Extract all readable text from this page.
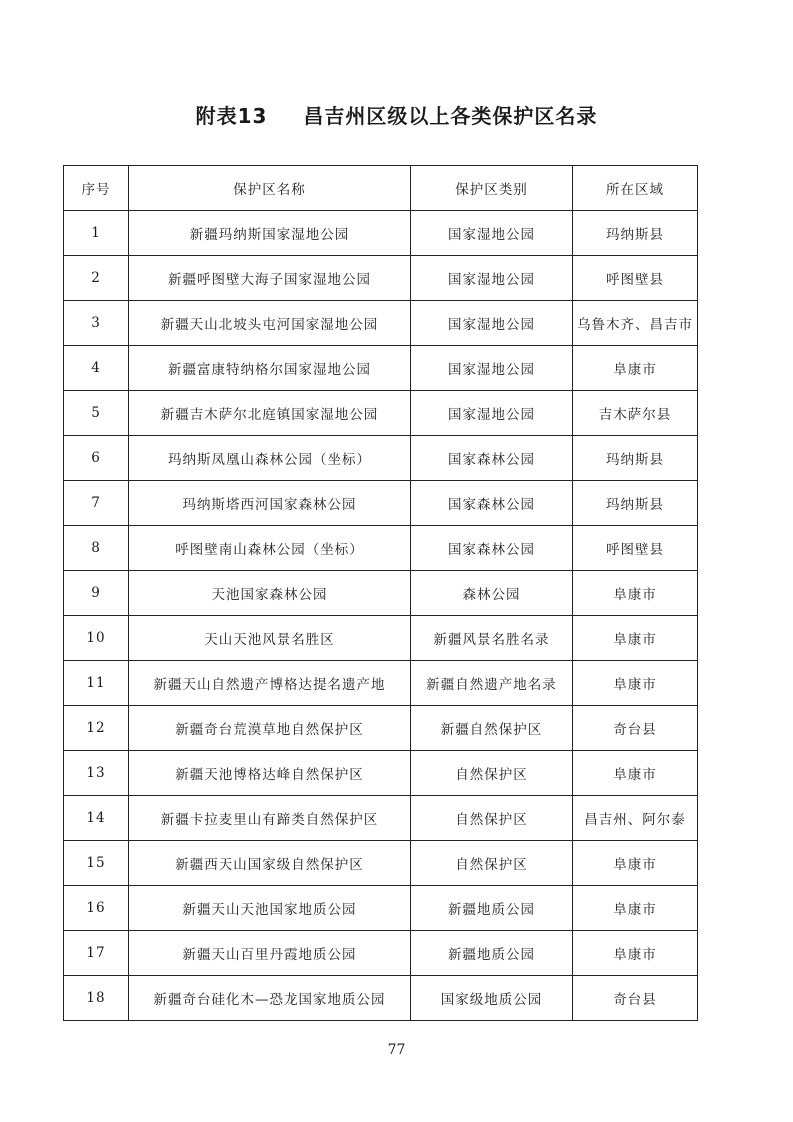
附表13 昌吉州区级以上各类保护区名录
序号	保护区名称	保护区类别	所在区域
1	新疆玛纳斯国家湿地公园	国家湿地公园	玛纳斯县
2	新疆呼图壁大海子国家湿地公园	国家湿地公园	呼图壁县
3	新疆天山北坡头屯河国家湿地公园	国家湿地公园	乌鲁木齐、昌吉市
4	新疆富康特纳格尔国家湿地公园	国家湿地公园	阜康市
5	新疆吉木萨尔北庭镇国家湿地公园	国家湿地公园	吉木萨尔县
6	玛纳斯凤凰山森林公园（坐标）	国家森林公园	玛纳斯县
7	玛纳斯塔西河国家森林公园	国家森林公园	玛纳斯县
8	呼图壁南山森林公园（坐标）	国家森林公园	呼图壁县
9	天池国家森林公园	森林公园	阜康市
10	天山天池风景名胜区	新疆风景名胜名录	阜康市
11	新疆天山自然遗产博格达提名遗产地	新疆自然遗产地名录	阜康市
12	新疆奇台荒漠草地自然保护区	新疆自然保护区	奇台县
13	新疆天池博格达峰自然保护区	自然保护区	阜康市
14	新疆卡拉麦里山有蹄类自然保护区	自然保护区	昌吉州、阿尔泰
15	新疆西天山国家级自然保护区	自然保护区	阜康市
16	新疆天山天池国家地质公园	新疆地质公园	阜康市
17	新疆天山百里丹霞地质公园	新疆地质公园	阜康市
18	新疆奇台硅化木—恐龙国家地质公园	国家级地质公园	奇台县
77
